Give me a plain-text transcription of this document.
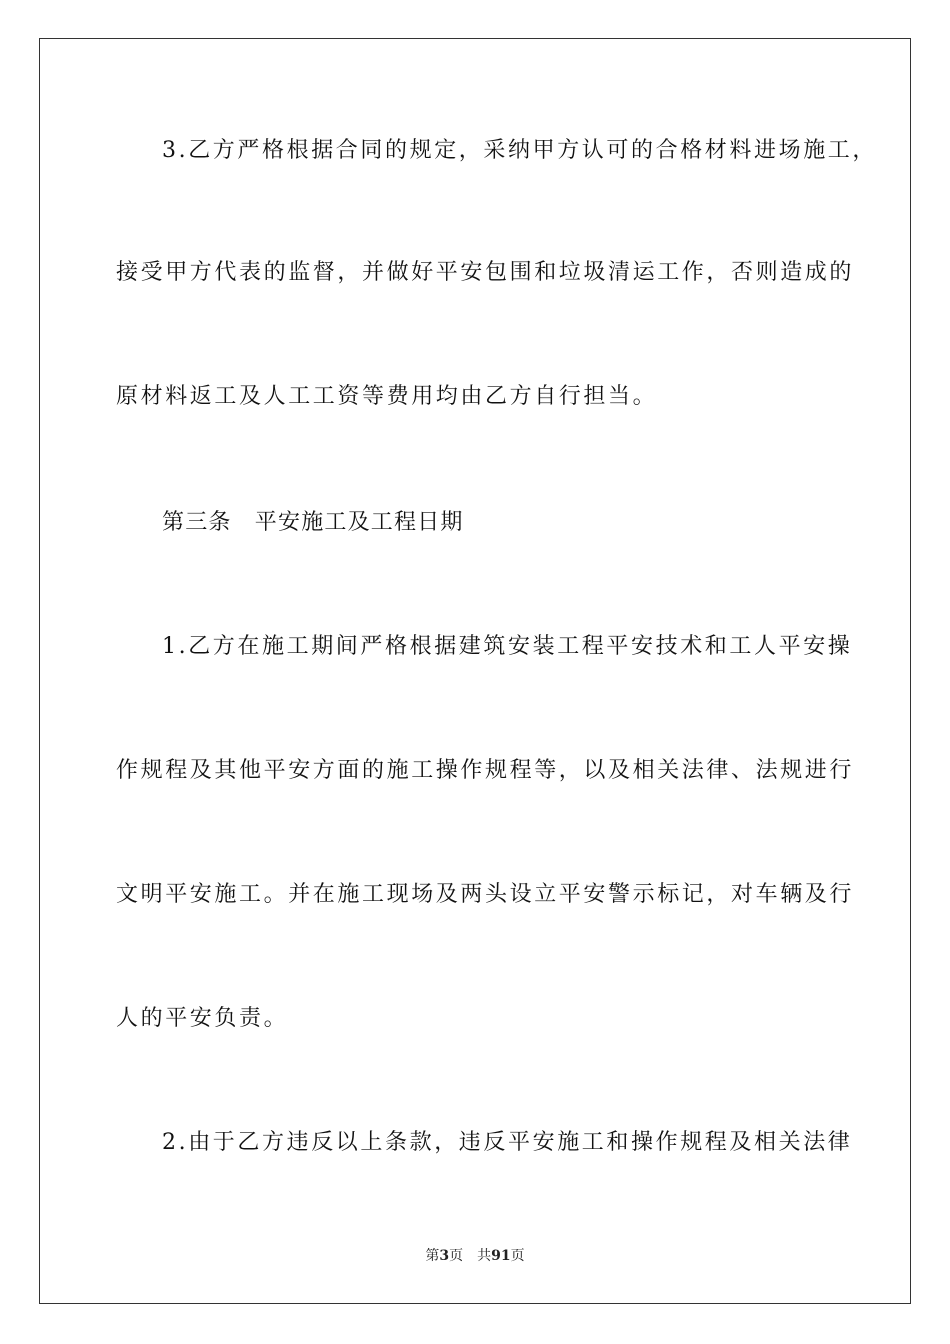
3.乙方严格根据合同的规定，采纳甲方认可的合格材料进场施工，
接受甲方代表的监督，并做好平安包围和垃圾清运工作，否则造成的
原材料返工及人工工资等费用均由乙方自行担当。
第三条　平安施工及工程日期
1.乙方在施工期间严格根据建筑安装工程平安技术和工人平安操
作规程及其他平安方面的施工操作规程等，以及相关法律、法规进行
文明平安施工。并在施工现场及两头设立平安警示标记，对车辆及行
人的平安负责。
2.由于乙方违反以上条款，违反平安施工和操作规程及相关法律
第3页 共91页
